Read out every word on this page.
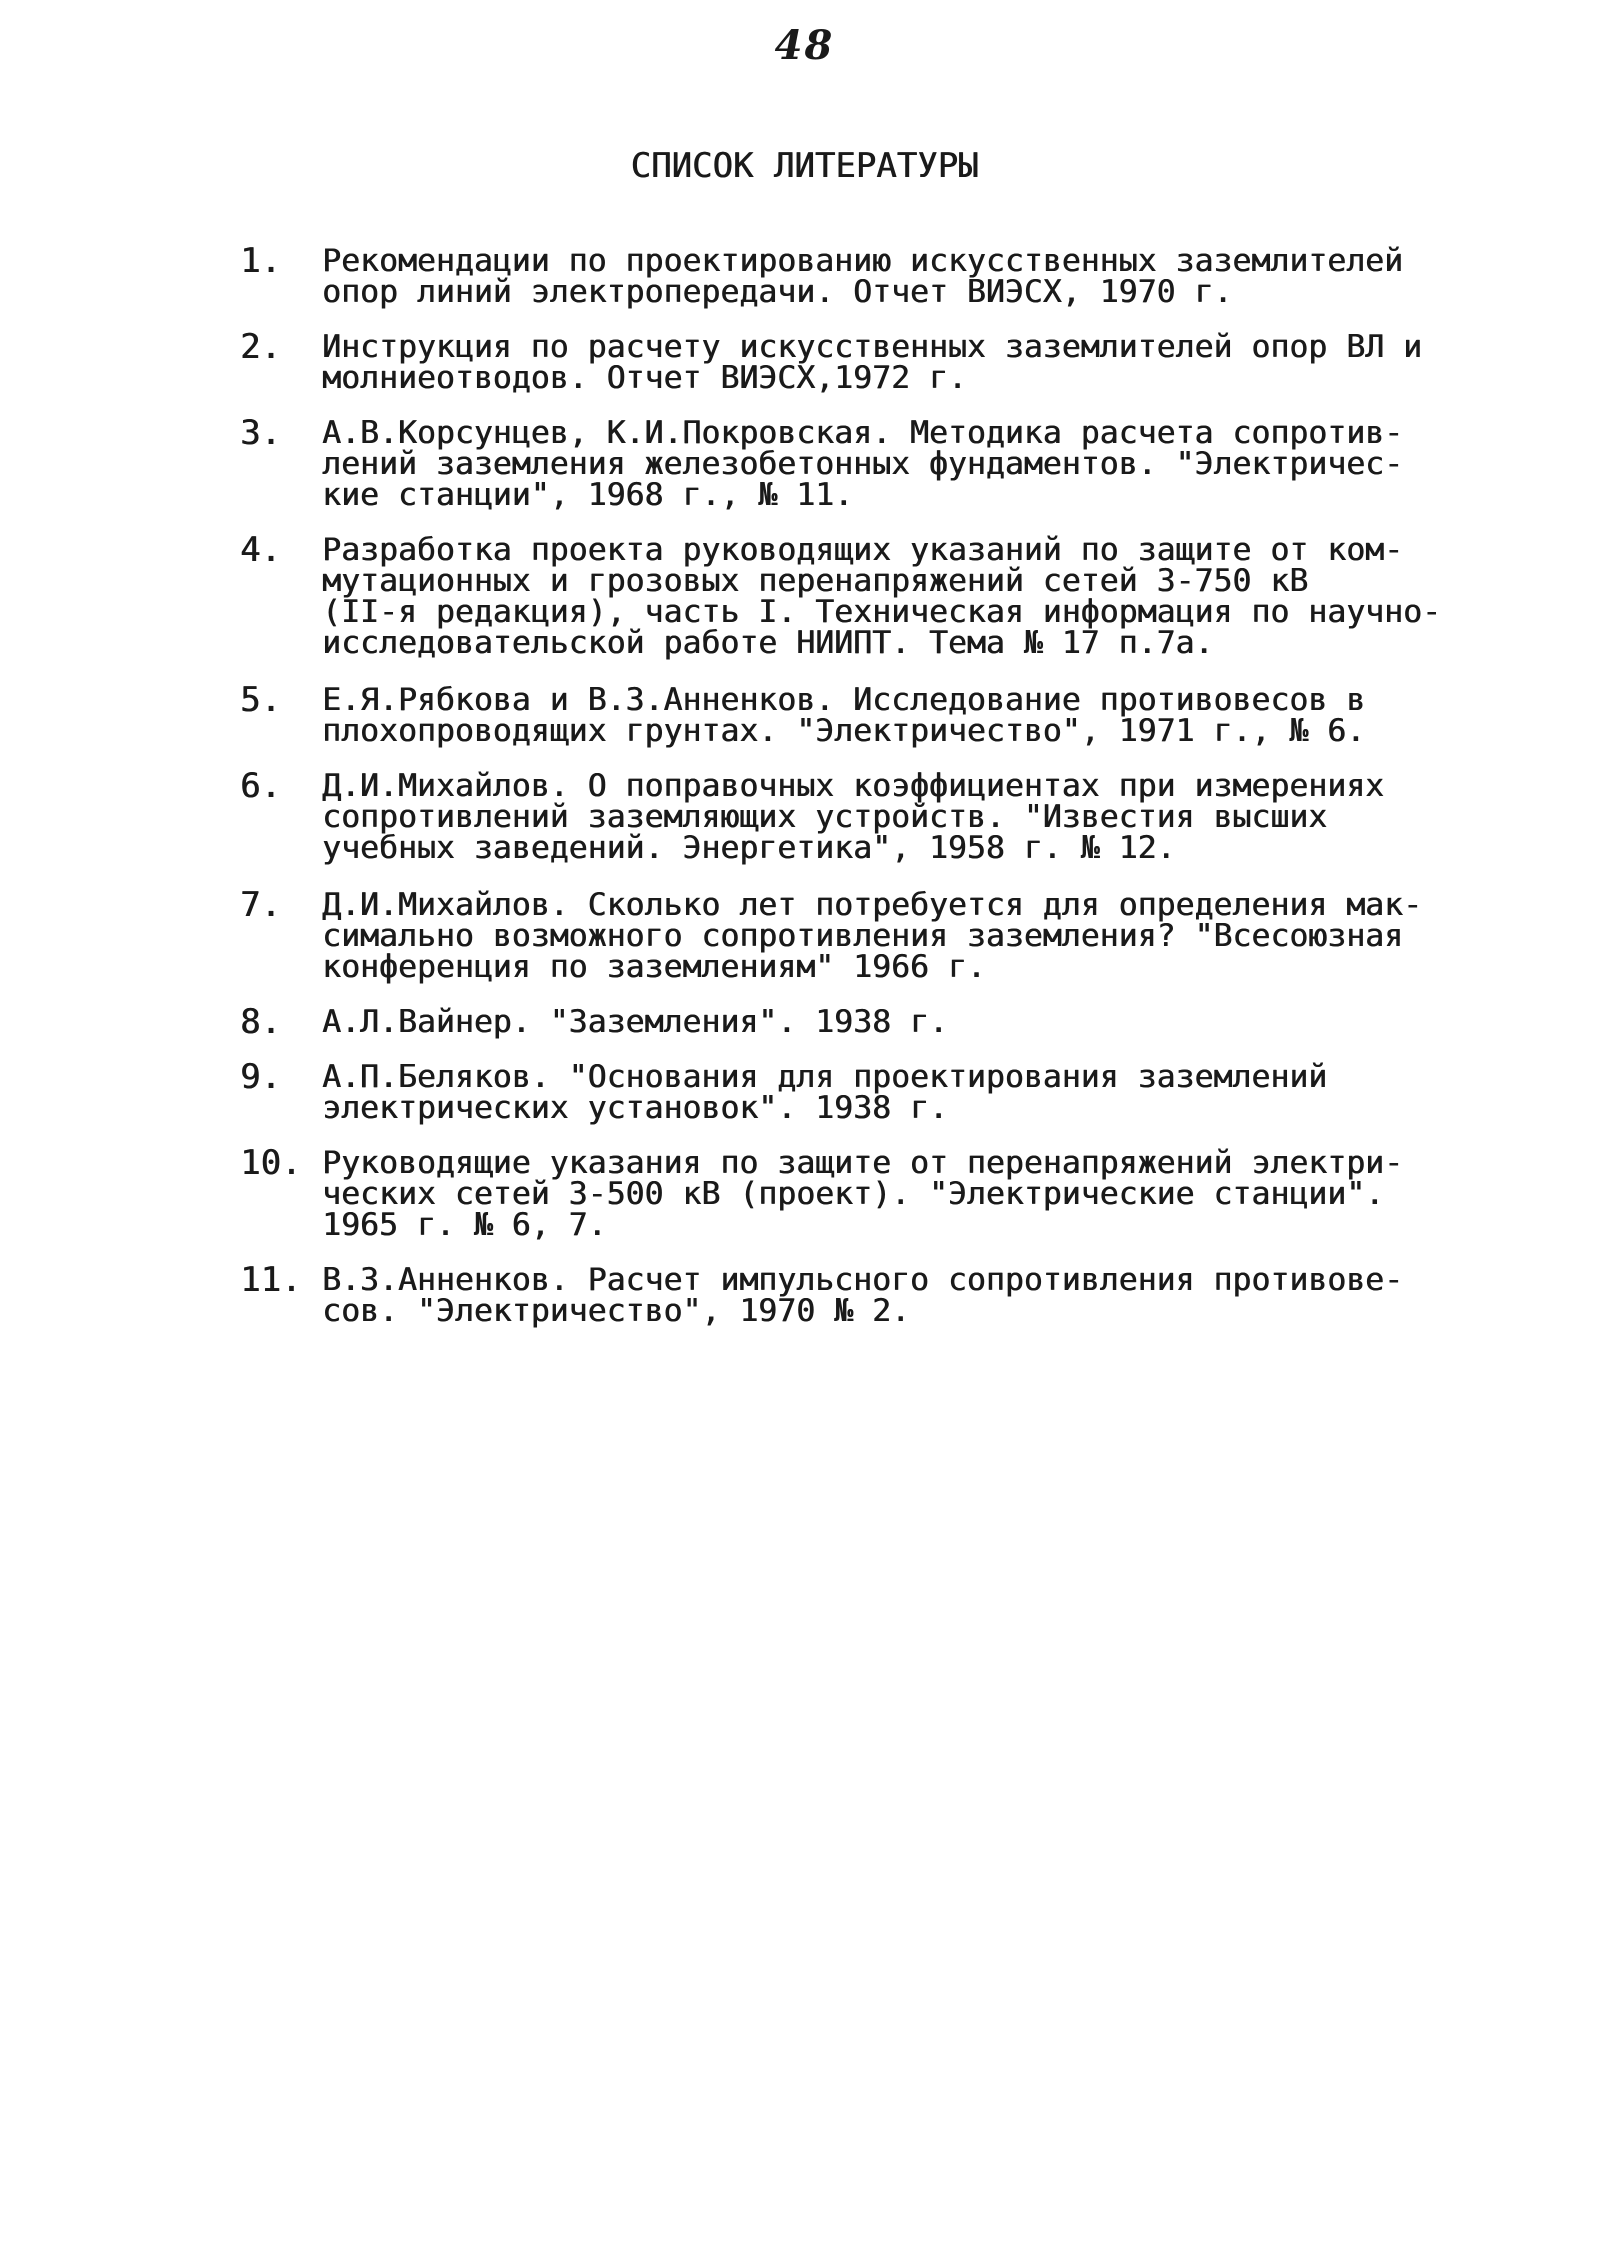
48
СПИСОК ЛИТЕРАТУРЫ
1.	Рекомендации по проектированию искусственных заземлителей
опор линий электропередачи. Отчет ВИЭСХ, 1970 г.
2.	Инструкция по расчету искусственных заземлителей опор ВЛ и
молниеотводов. Отчет ВИЭСХ,1972 г.
3.	А.В.Корсунцев, К.И.Покровская. Методика расчета сопротив-
лений заземления железобетонных фундаментов. "Электричес-
кие станции", 1968 г., № 11.
4.	Разработка проекта руководящих указаний по защите от ком-
мутационных и грозовых перенапряжений сетей 3-750 кВ
(II-я редакция), часть I. Техническая информация по научно-
исследовательской работе НИИПТ. Тема № 17 п.7а.
5.	Е.Я.Рябкова и В.З.Анненков. Исследование противовесов в
плохопроводящих грунтах. "Электричество", 1971 г., № 6.
6.	Д.И.Михайлов. О поправочных коэффициентах при измерениях
сопротивлений заземляющих устройств. "Известия высших
учебных заведений. Энергетика", 1958 г. № 12.
7.	Д.И.Михайлов. Сколько лет потребуется для определения мак-
симально возможного сопротивления заземления? "Всесоюзная
конференция по заземлениям" 1966 г.
8.	А.Л.Вайнер. "Заземления". 1938 г.
9.	А.П.Беляков. "Основания для проектирования заземлений
электрических установок". 1938 г.
10. Руководящие указания по защите от перенапряжений электри-
ческих сетей 3-500 кВ (проект). "Электрические станции".
1965 г. № 6, 7.
11. В.З.Анненков. Расчет импульсного сопротивления противове-
сов. "Электричество", 1970 № 2.
